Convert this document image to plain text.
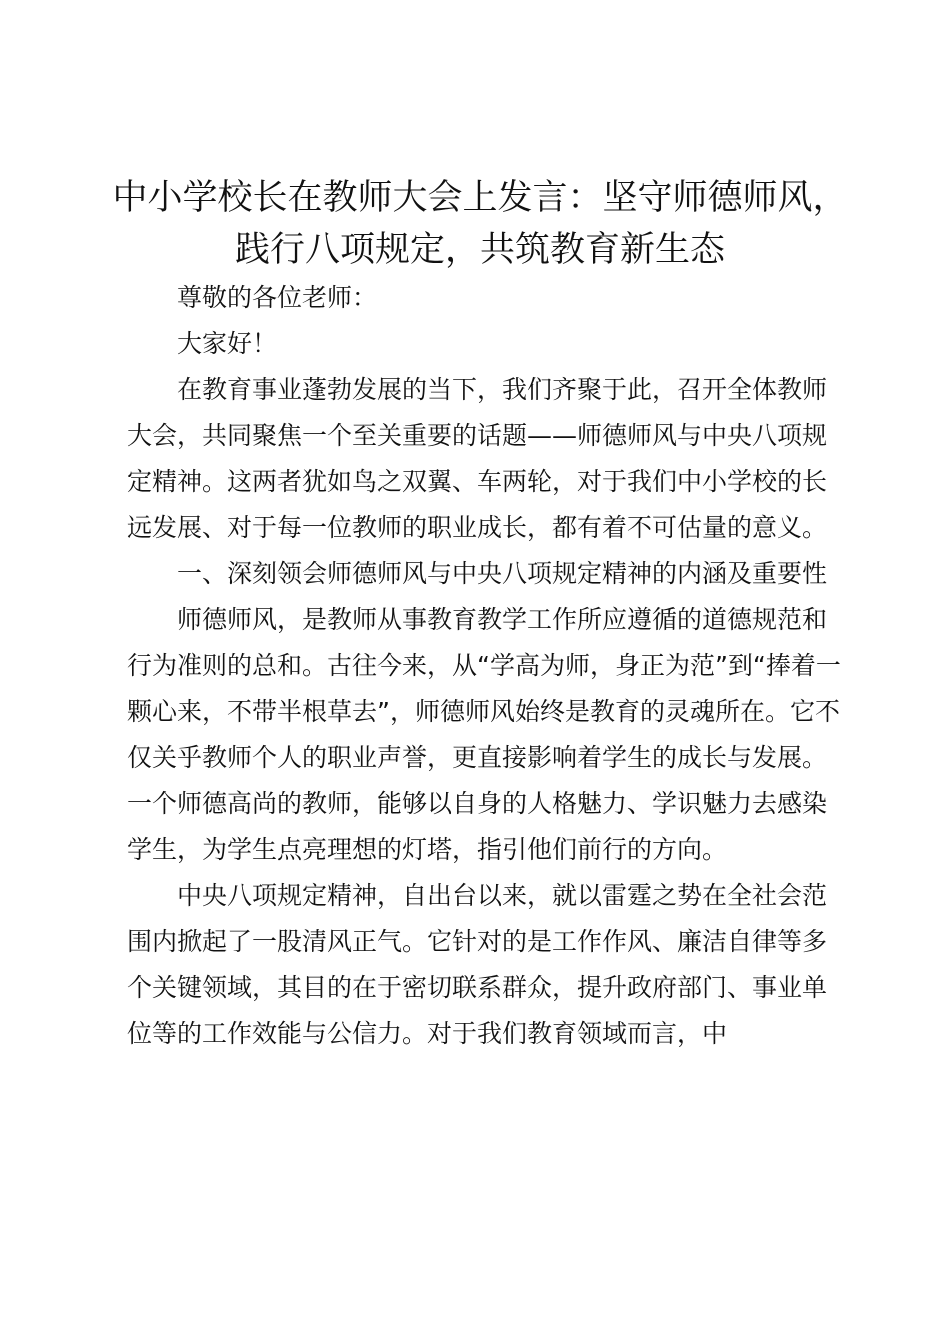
中小学校长在教师大会上发言：坚守师德师风，
践行八项规定，共筑教育新生态

尊敬的各位老师：

大家好！

在教育事业蓬勃发展的当下，我们齐聚于此，召开全体教师大会，共同聚焦一个至关重要的话题——师德师风与中央八项规定精神。这两者犹如鸟之双翼、车两轮，对于我们中小学校的长远发展、对于每一位教师的职业成长，都有着不可估量的意义。

一、深刻领会师德师风与中央八项规定精神的内涵及重要性

师德师风，是教师从事教育教学工作所应遵循的道德规范和行为准则的总和。古往今来，从“学高为师，身正为范”到“捧着一颗心来，不带半根草去”，师德师风始终是教育的灵魂所在。它不仅关乎教师个人的职业声誉，更直接影响着学生的成长与发展。一个师德高尚的教师，能够以自身的人格魅力、学识魅力去感染学生，为学生点亮理想的灯塔，指引他们前行的方向。

中央八项规定精神，自出台以来，就以雷霆之势在全社会范围内掀起了一股清风正气。它针对的是工作作风、廉洁自律等多个关键领域，其目的在于密切联系群众，提升政府部门、事业单位等的工作效能与公信力。对于我们教育领域而言，中
